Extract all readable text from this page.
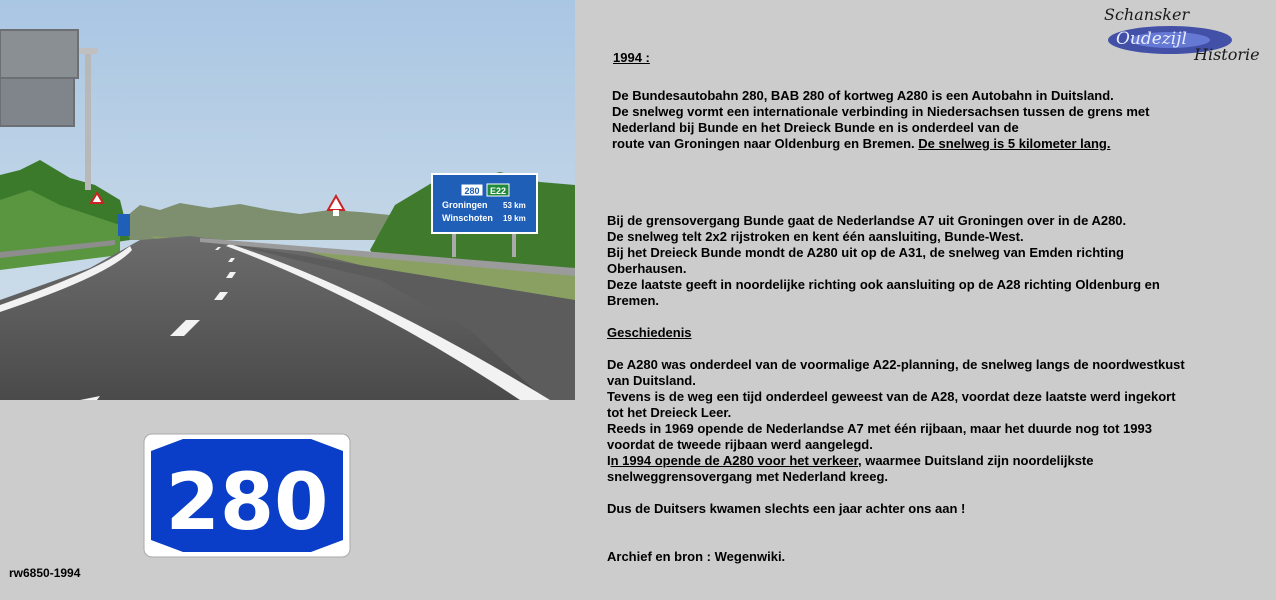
280 E22
Groningen 53 km
Winschoten 19 km
280
rw6850-1994
Schansker
Oudezijl
Historie
1994 :
De Bundesautobahn 280, BAB 280 of kortweg A280 is een Autobahn in Duitsland.
De snelweg vormt een internationale verbinding in Niedersachsen tussen de grens met
Nederland bij Bunde en het Dreieck Bunde en is onderdeel van de
route van Groningen naar Oldenburg en Bremen. De snelweg is 5 kilometer lang.
Bij de grensovergang Bunde gaat de Nederlandse A7 uit Groningen over in de A280.
De snelweg telt 2x2 rijstroken en kent één aansluiting, Bunde-West.
Bij het Dreieck Bunde mondt de A280 uit op de A31, de snelweg van Emden richting
Oberhausen.
Deze laatste geeft in noordelijke richting ook aansluiting op de A28 richting Oldenburg en
Bremen.
Geschiedenis
De A280 was onderdeel van de voormalige A22-planning, de snelweg langs de noordwestkust
van Duitsland.
Tevens is de weg een tijd onderdeel geweest van de A28, voordat deze laatste werd ingekort
tot het Dreieck Leer.
Reeds in 1969 opende de Nederlandse A7 met één rijbaan, maar het duurde nog tot 1993
voordat de tweede rijbaan werd aangelegd.
In 1994 opende de A280 voor het verkeer, waarmee Duitsland zijn noordelijkste
snelweggrensovergang met Nederland kreeg.
Dus de Duitsers kwamen slechts een jaar achter ons aan !
Archief en bron : Wegenwiki.
